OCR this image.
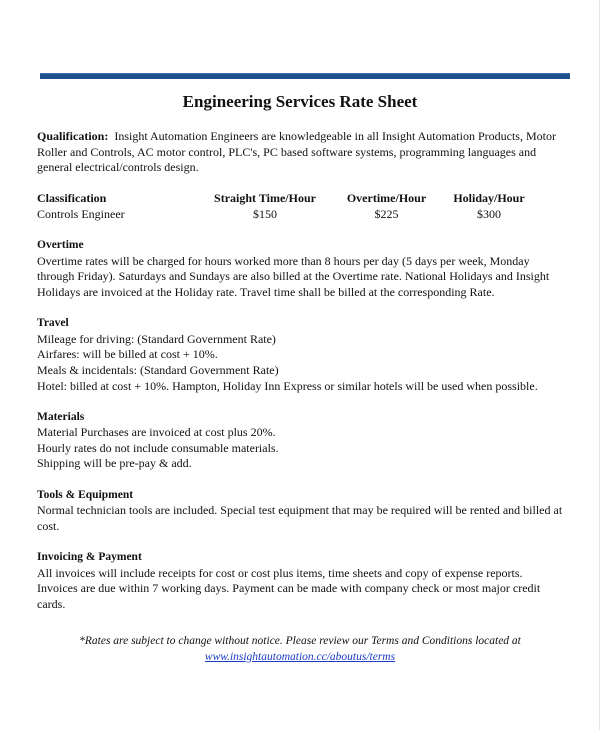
Engineering Services Rate Sheet

Qualification: Insight Automation Engineers are knowledgeable in all Insight Automation Products, Motor Roller and Controls, AC motor control, PLC's, PC based software systems, programming languages and general electrical/controls design.

Classification	Straight Time/Hour	Overtime/Hour	Holiday/Hour
Controls Engineer	$150	$225	$300
Overtime
Overtime rates will be charged for hours worked more than 8 hours per day (5 days per week, Monday through Friday). Saturdays and Sundays are also billed at the Overtime rate. National Holidays and Insight Holidays are invoiced at the Holiday rate. Travel time shall be billed at the corresponding Rate.
Travel
Mileage for driving: (Standard Government Rate)
Airfares: will be billed at cost + 10%.
Meals & incidentals: (Standard Government Rate)
Hotel: billed at cost + 10%. Hampton, Holiday Inn Express or similar hotels will be used when possible.
Materials
Material Purchases are invoiced at cost plus 20%.
Hourly rates do not include consumable materials.
Shipping will be pre-pay & add.
Tools & Equipment
Normal technician tools are included. Special test equipment that may be required will be rented and billed at cost.
Invoicing & Payment
All invoices will include receipts for cost or cost plus items, time sheets and copy of expense reports.
Invoices are due within 7 working days. Payment can be made with company check or most major credit cards.
*Rates are subject to change without notice. Please review our Terms and Conditions located at
www.insightautomation.cc/aboutus/terms
